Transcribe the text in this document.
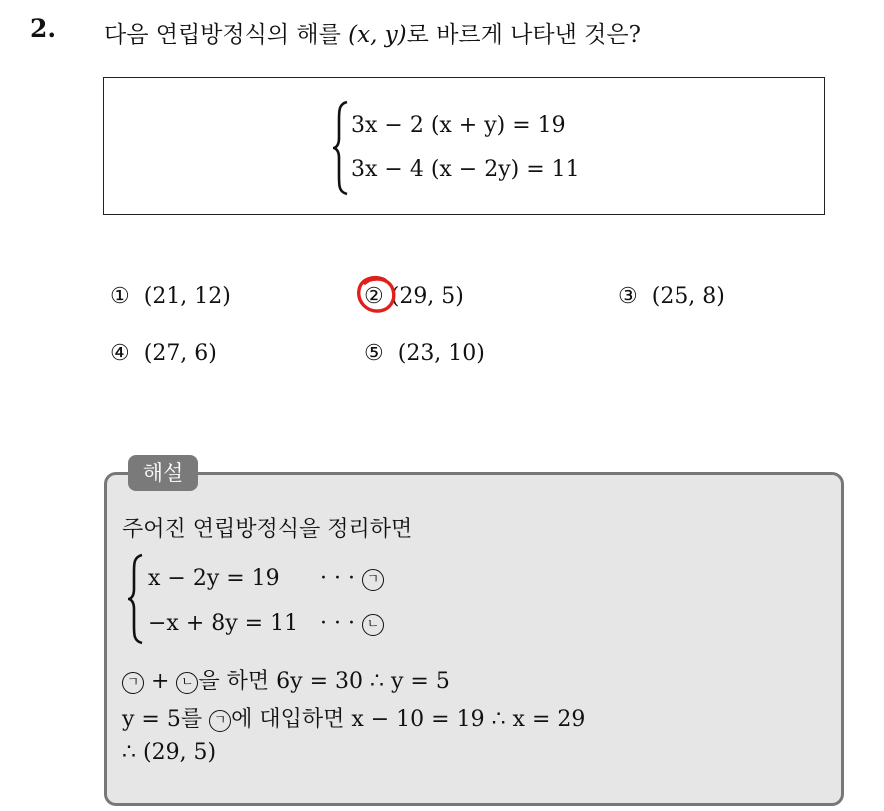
2. 다음 연립방정식의 해를 (x, y)로 바르게 나타낸 것은?
3x − 2 (x + y) = 19
3x − 4 (x − 2y) = 11
① (21, 12)	② (29, 5)	③ (25, 8)
④ (27, 6)	⑤ (23, 10)
해설
주어진 연립방정식을 정리하면
x − 2y = 19 · · · ㄱ
−x + 8y = 11 · · · ㄴ
ㄱ + ㄴ 을 하면 6y = 30 ∴ y = 5
y = 5를 ㄱ 에 대입하면 x − 10 = 19 ∴ x = 29
∴ (29, 5)
